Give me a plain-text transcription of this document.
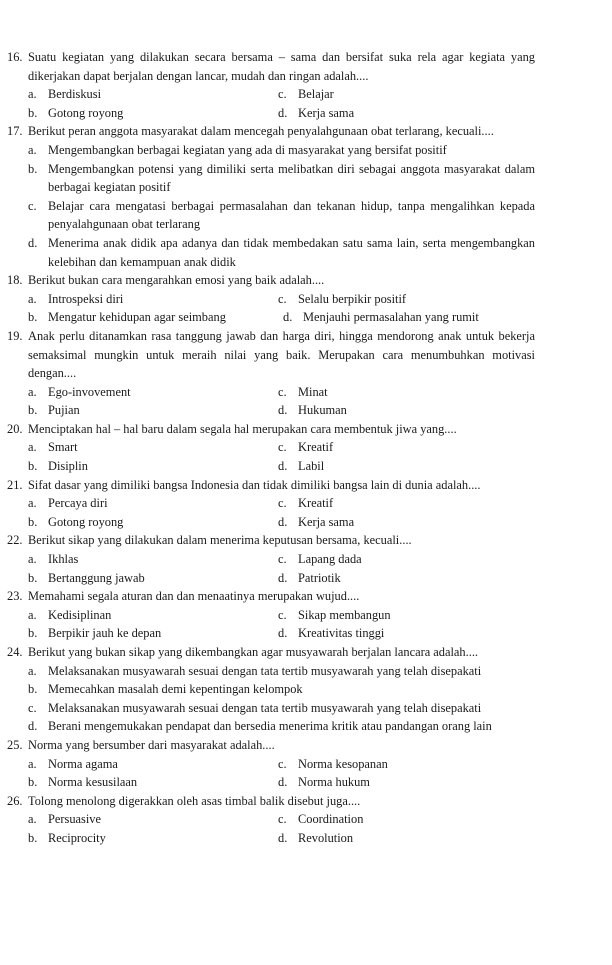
16. Suatu kegiatan yang dilakukan secara bersama – sama dan bersifat suka rela agar kegiata yang dikerjakan dapat berjalan dengan lancar, mudah dan ringan adalah....
a. Berdiskusi	c. Belajar
b. Gotong royong	d. Kerja sama
17. Berikut peran anggota masyarakat dalam mencegah penyalahgunaan obat terlarang, kecuali....
a. Mengembangkan berbagai kegiatan yang ada di masyarakat yang bersifat positif
b. Mengembangkan potensi yang dimiliki serta melibatkan diri sebagai anggota masyarakat dalam berbagai kegiatan positif
c. Belajar cara mengatasi berbagai permasalahan dan tekanan hidup, tanpa mengalihkan kepada penyalahgunaan obat terlarang
d. Menerima anak didik apa adanya dan tidak membedakan satu sama lain, serta mengembangkan kelebihan dan kemampuan anak didik
18. Berikut bukan cara mengarahkan emosi yang baik adalah....
a. Introspeksi diri	c. Selalu berpikir positif
b. Mengatur kehidupan agar seimbang	d. Menjauhi permasalahan yang rumit
19. Anak perlu ditanamkan rasa tanggung jawab dan harga diri, hingga mendorong anak untuk bekerja semaksimal mungkin untuk meraih nilai yang baik. Merupakan cara menumbuhkan motivasi dengan....
a. Ego-invovement	c. Minat
b. Pujian	d. Hukuman
20. Menciptakan hal – hal baru dalam segala hal merupakan cara membentuk jiwa yang....
a. Smart	c. Kreatif
b. Disiplin	d. Labil
21. Sifat dasar yang dimiliki bangsa Indonesia dan tidak dimiliki bangsa lain di dunia adalah....
a. Percaya diri	c. Kreatif
b. Gotong royong	d. Kerja sama
22. Berikut sikap yang dilakukan dalam menerima keputusan bersama, kecuali....
a. Ikhlas	c. Lapang dada
b. Bertanggung jawab	d. Patriotik
23. Memahami segala aturan dan dan menaatinya merupakan wujud....
a. Kedisiplinan	c. Sikap membangun
b. Berpikir jauh ke depan	d. Kreativitas tinggi
24. Berikut yang bukan sikap yang dikembangkan agar musyawarah berjalan lancara adalah....
a. Melaksanakan musyawarah sesuai dengan tata tertib musyawarah yang telah disepakati
b. Memecahkan masalah demi kepentingan kelompok
c. Melaksanakan musyawarah sesuai dengan tata tertib musyawarah yang telah disepakati
d. Berani mengemukakan pendapat dan bersedia menerima kritik atau pandangan orang lain
25. Norma yang bersumber dari masyarakat adalah....
a. Norma agama	c. Norma kesopanan
b. Norma kesusilaan	d. Norma hukum
26. Tolong menolong digerakkan oleh asas timbal balik disebut juga....
a. Persuasive	c. Coordination
b. Reciprocity	d. Revolution
